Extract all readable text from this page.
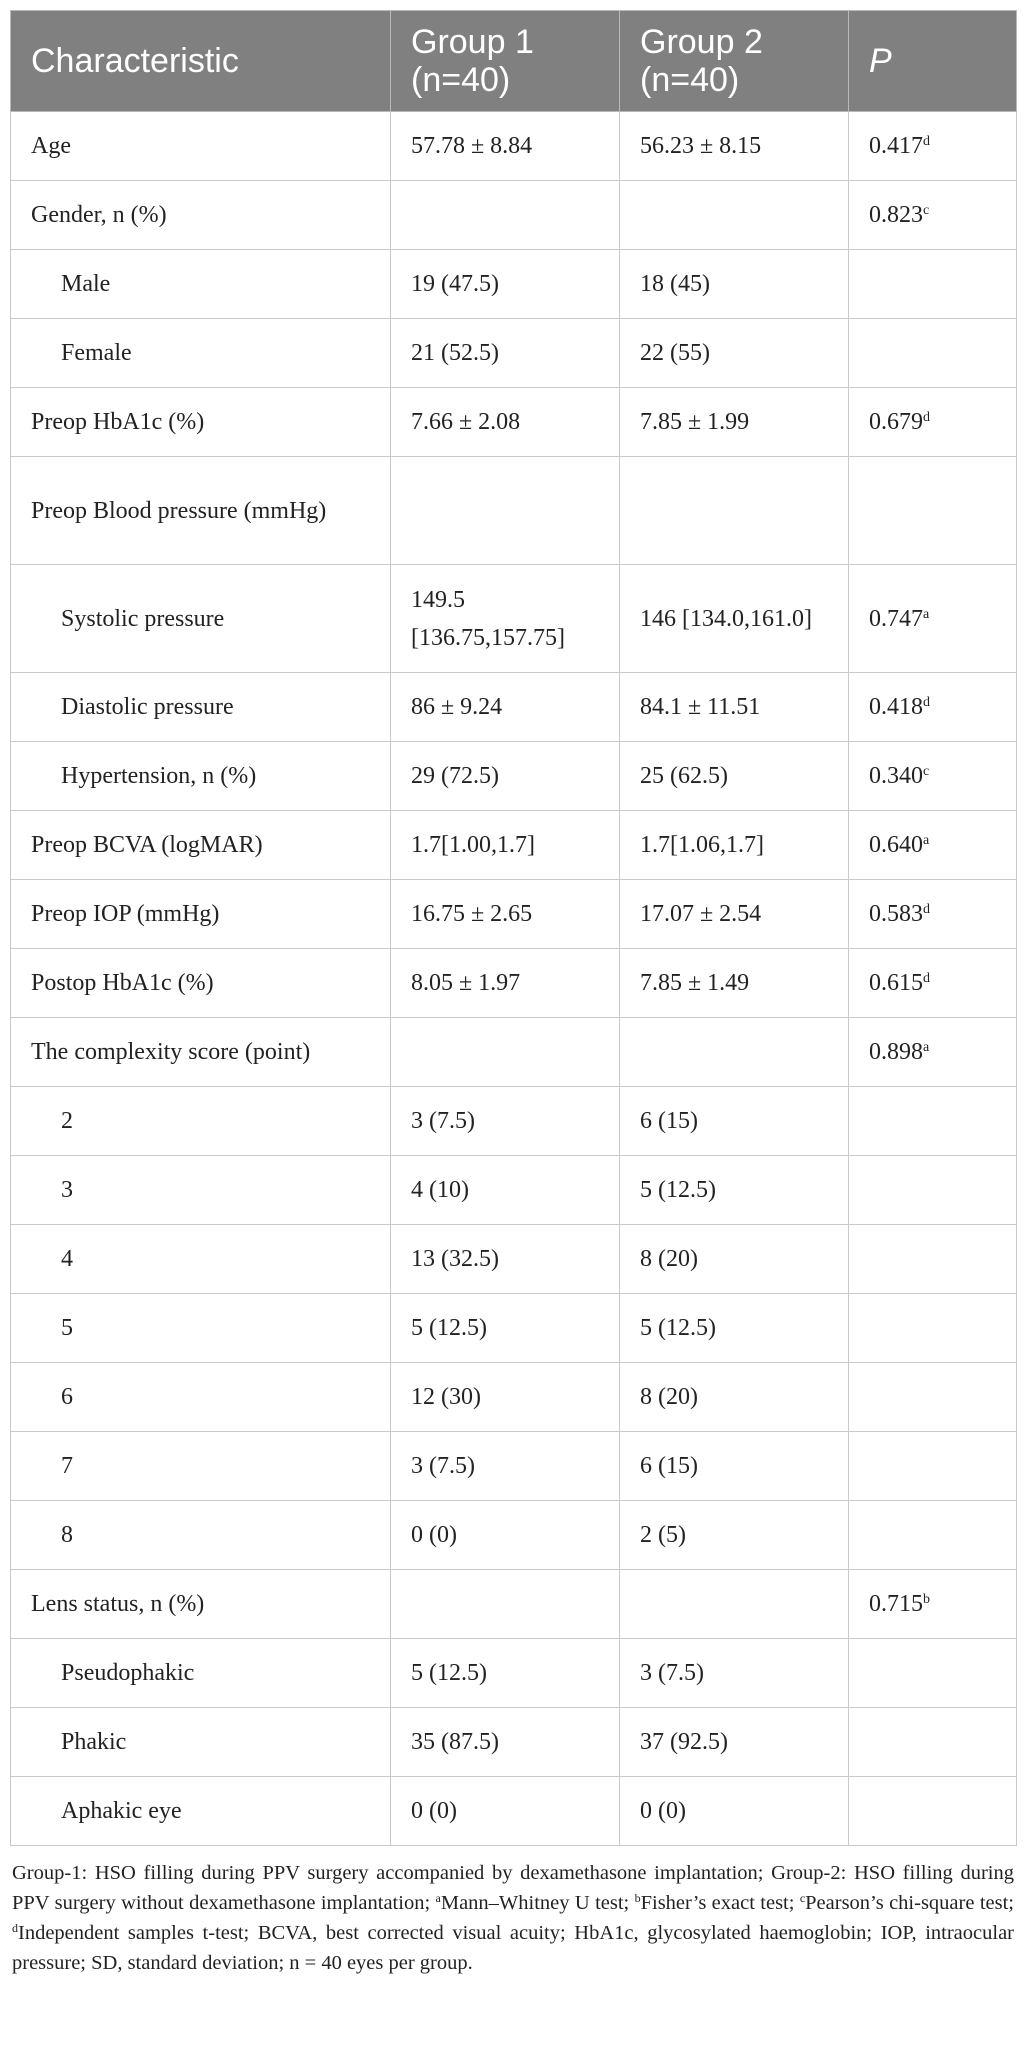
Characteristic	Group 1 (n=40)	Group 2 (n=40)	P
Age	57.78 ± 8.84	56.23 ± 8.15	0.417$^d$
Gender, n (%)			0.823$^c$
Male	19 (47.5)	18 (45)	
Female	21 (52.5)	22 (55)	
Preop HbA1c (%)	7.66 ± 2.08	7.85 ± 1.99	0.679$^d$
Preop Blood pressure (mmHg)			
Systolic pressure	149.5 [136.75,157.75]	146 [134.0,161.0]	0.747$^a$
Diastolic pressure	86 ± 9.24	84.1 ± 11.51	0.418$^d$
Hypertension, n (%)	29 (72.5)	25 (62.5)	0.340$^c$
Preop BCVA (logMAR)	1.7[1.00,1.7]	1.7[1.06,1.7]	0.640$^a$
Preop IOP (mmHg)	16.75 ± 2.65	17.07 ± 2.54	0.583$^d$
Postop HbA1c (%)	8.05 ± 1.97	7.85 ± 1.49	0.615$^d$
The complexity score (point)			0.898$^a$
2	3 (7.5)	6 (15)	
3	4 (10)	5 (12.5)	
4	13 (32.5)	8 (20)	
5	5 (12.5)	5 (12.5)	
6	12 (30)	8 (20)	
7	3 (7.5)	6 (15)	
8	0 (0)	2 (5)	
Lens status, n (%)			0.715$^b$
Pseudophakic	5 (12.5)	3 (7.5)	
Phakic	35 (87.5)	37 (92.5)	
Aphakic eye	0 (0)	0 (0)	

Group-1: HSO filling during PPV surgery accompanied by dexamethasone implantation; Group-2: HSO filling during PPV surgery without dexamethasone implantation; $^a$Mann–Whitney U test; $^b$Fisher’s exact test; $^c$Pearson’s chi-square test; $^d$Independent samples t-test; BCVA, best corrected visual acuity; HbA1c, glycosylated haemoglobin; IOP, intraocular pressure; SD, standard deviation; n = 40 eyes per group.
